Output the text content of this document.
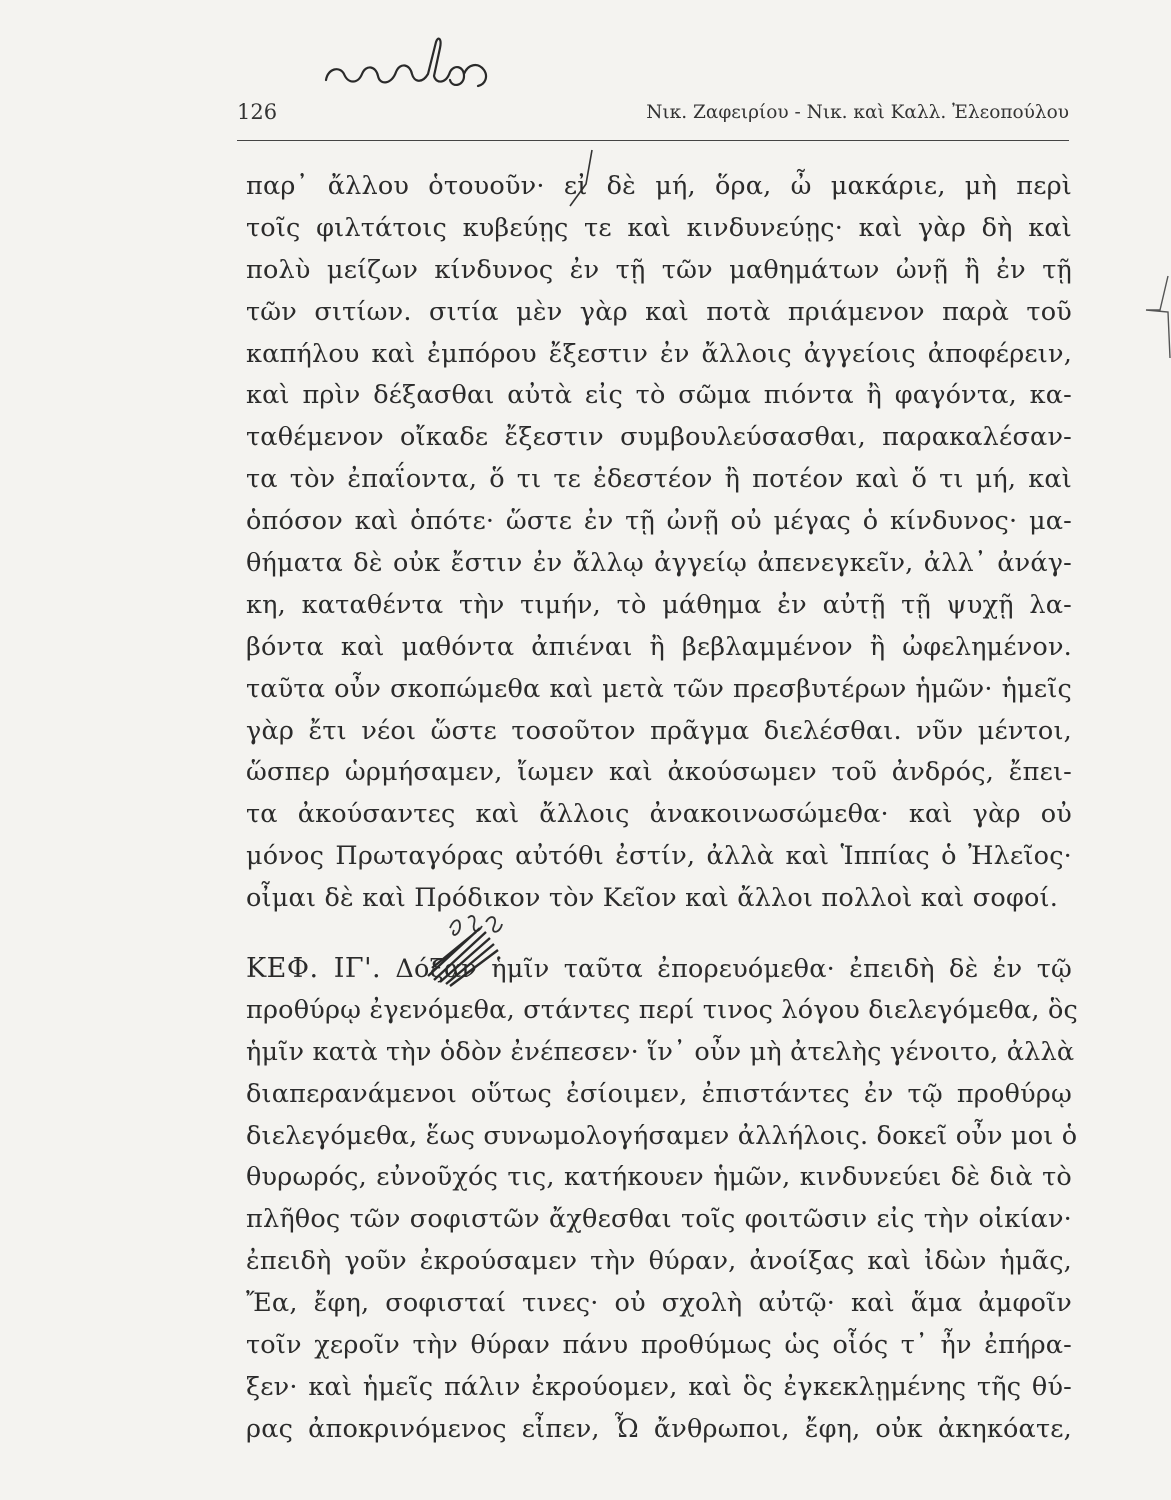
126	Νικ. Ζαφειρίου - Νικ. καὶ Καλλ. Ἐλεοπούλου
παρ᾽ ἄλλου ὁτουοῦν· εἰ δὲ μή, ὅρα, ὦ μακάριε, μὴ περὶ
τοῖς φιλτάτοις κυβεύῃς τε καὶ κινδυνεύῃς· καὶ γὰρ δὴ καὶ
πολὺ μείζων κίνδυνος ἐν τῇ τῶν μαθημάτων ὠνῇ ἢ ἐν τῇ
τῶν σιτίων. σιτία μὲν γὰρ καὶ ποτὰ πριάμενον παρὰ τοῦ
καπήλου καὶ ἐμπόρου ἔξεστιν ἐν ἄλλοις ἀγγείοις ἀποφέρειν,
καὶ πρὶν δέξασθαι αὐτὰ εἰς τὸ σῶμα πιόντα ἢ φαγόντα, κα-
ταθέμενον οἴκαδε ἔξεστιν συμβουλεύσασθαι, παρακαλέσαν-
τα τὸν ἐπαΐοντα, ὅ τι τε ἐδεστέον ἢ ποτέον καὶ ὅ τι μή, καὶ
ὁπόσον καὶ ὁπότε· ὥστε ἐν τῇ ὠνῇ οὐ μέγας ὁ κίνδυνος· μα-
θήματα δὲ οὐκ ἔστιν ἐν ἄλλῳ ἀγγείῳ ἀπενεγκεῖν, ἀλλ᾽ ἀνάγ-
κη, καταθέντα τὴν τιμήν, τὸ μάθημα ἐν αὐτῇ τῇ ψυχῇ λα-
βόντα καὶ μαθόντα ἀπιέναι ἢ βεβλαμμένον ἢ ὠφελημένον.
ταῦτα οὖν σκοπώμεθα καὶ μετὰ τῶν πρεσβυτέρων ἡμῶν· ἡμεῖς
γὰρ ἔτι νέοι ὥστε τοσοῦτον πρᾶγμα διελέσθαι. νῦν μέντοι,
ὥσπερ ὡρμήσαμεν, ἴωμεν καὶ ἀκούσωμεν τοῦ ἀνδρός, ἔπει-
τα ἀκούσαντες καὶ ἄλλοις ἀνακοινωσώμεθα· καὶ γὰρ οὐ
μόνος Πρωταγόρας αὐτόθι ἐστίν, ἀλλὰ καὶ Ἱππίας ὁ Ἠλεῖος·
οἶμαι δὲ καὶ Πρόδικον τὸν Κεῖον καὶ ἄλλοι πολλοὶ καὶ σοφοί.
ΚΕΦ. ΙΓ'. Δόξαν ἡμῖν ταῦτα ἐπορευόμεθα· ἐπειδὴ δὲ ἐν τῷ
προθύρῳ ἐγενόμεθα, στάντες περί τινος λόγου διελεγόμεθα, ὃς
ἡμῖν κατὰ τὴν ὁδὸν ἐνέπεσεν· ἵν᾽ οὖν μὴ ἀτελὴς γένοιτο, ἀλλὰ
διαπερανάμενοι οὕτως ἐσίοιμεν, ἐπιστάντες ἐν τῷ προθύρῳ
διελεγόμεθα, ἕως συνωμολογήσαμεν ἀλλήλοις. δοκεῖ οὖν μοι ὁ
θυρωρός, εὐνοῦχός τις, κατήκουεν ἡμῶν, κινδυνεύει δὲ διὰ τὸ
πλῆθος τῶν σοφιστῶν ἄχθεσθαι τοῖς φοιτῶσιν εἰς τὴν οἰκίαν·
ἐπειδὴ γοῦν ἐκρούσαμεν τὴν θύραν, ἀνοίξας καὶ ἰδὼν ἡμᾶς,
Ἔα, ἔφη, σοφισταί τινες· οὐ σχολὴ αὐτῷ· καὶ ἅμα ἀμφοῖν
τοῖν χεροῖν τὴν θύραν πάνυ προθύμως ὡς οἷός τ᾽ ἦν ἐπήρα-
ξεν· καὶ ἡμεῖς πάλιν ἐκρούομεν, καὶ ὃς ἐγκεκλῃμένης τῆς θύ-
ρας ἀποκρινόμενος εἶπεν, Ὦ ἄνθρωποι, ἔφη, οὐκ ἀκηκόατε,
